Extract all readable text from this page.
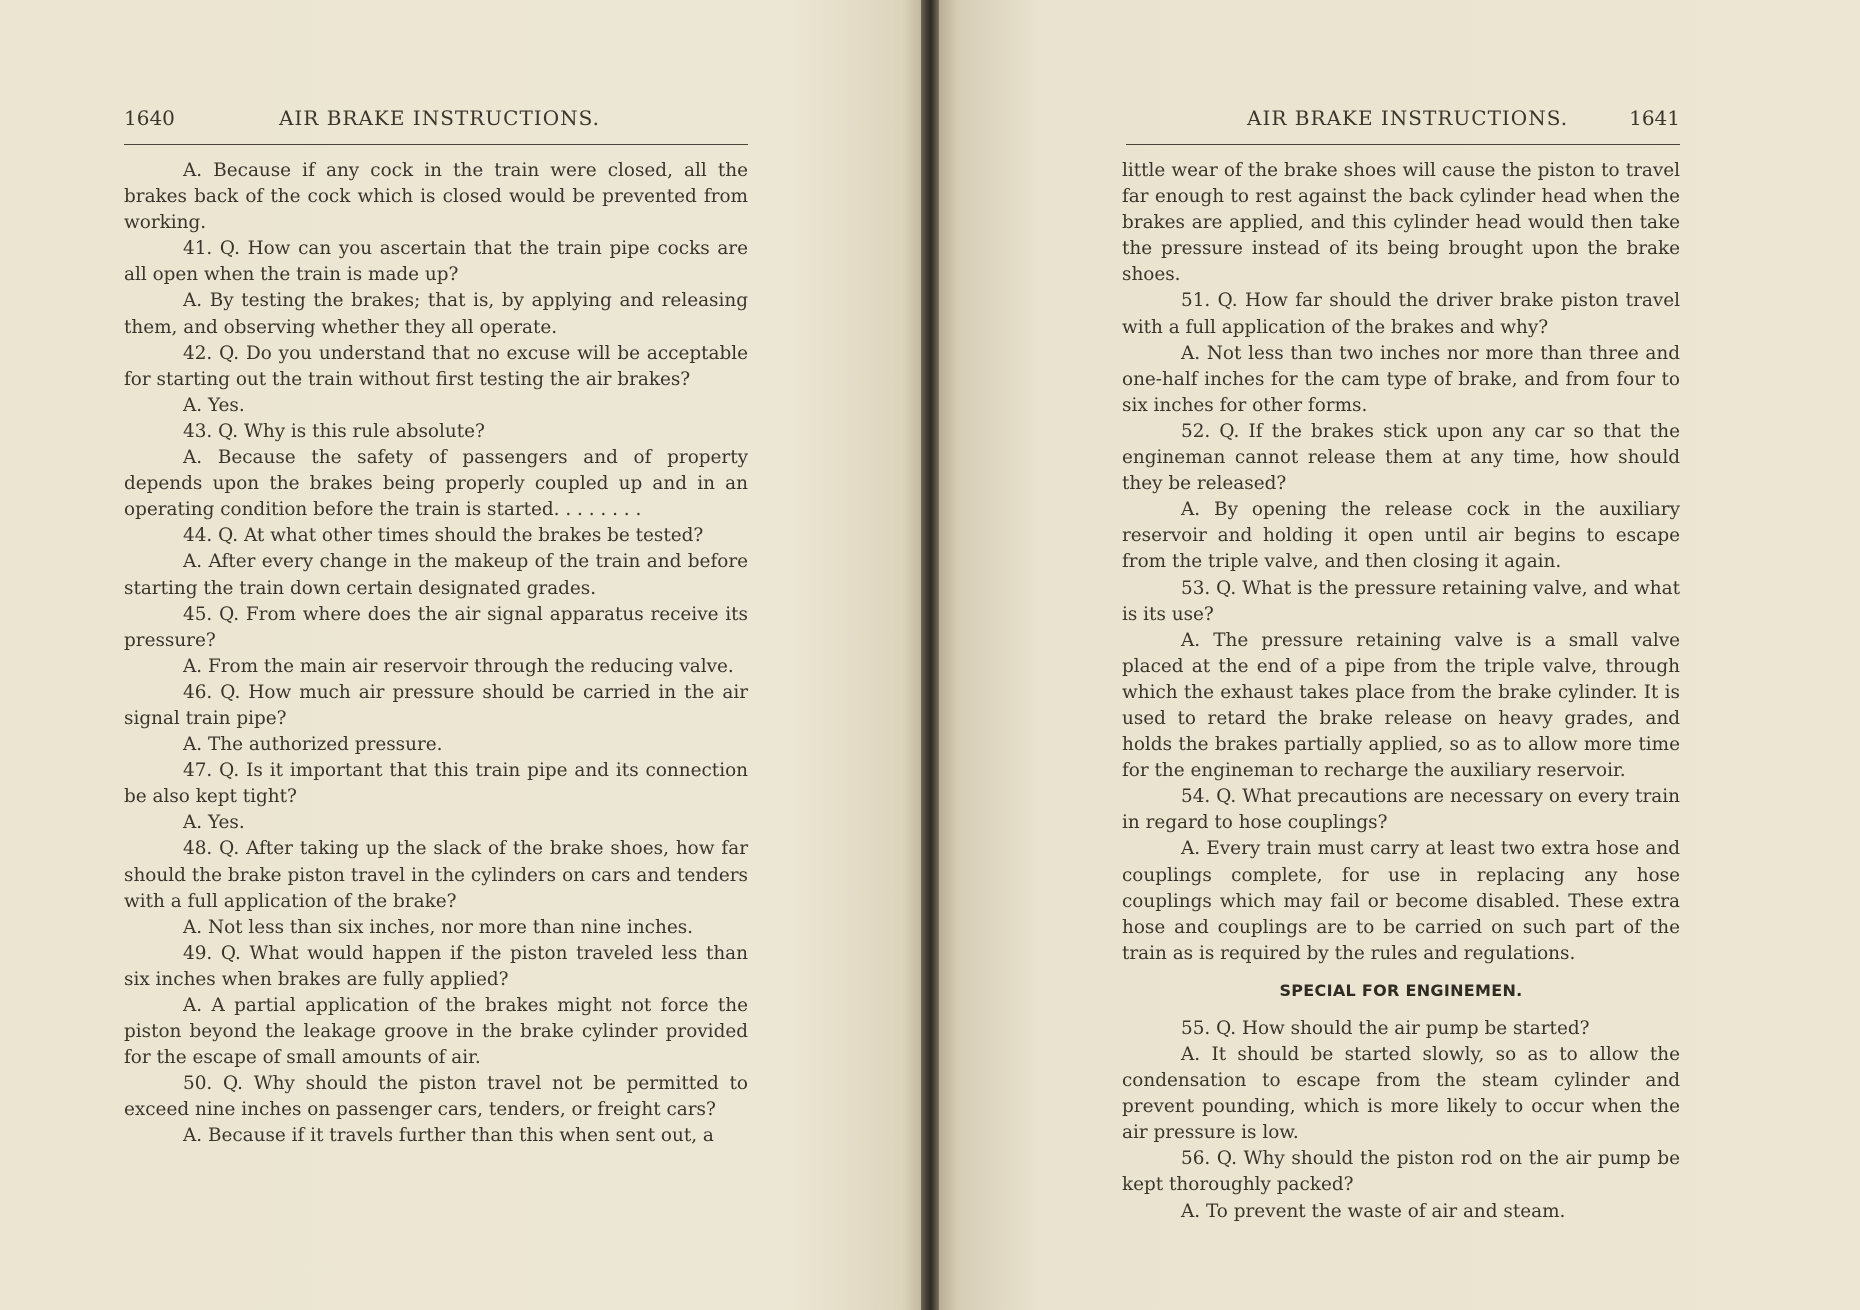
1640	AIR BRAKE INSTRUCTIONS.

A. Because if any cock in the train were closed, all the brakes back of the cock which is closed would be prevented from working.

41. Q. How can you ascertain that the train pipe cocks are all open when the train is made up?

A. By testing the brakes; that is, by applying and releasing them, and observing whether they all operate.

42. Q. Do you understand that no excuse will be acceptable for starting out the train without first testing the air brakes?

A. Yes.

43. Q. Why is this rule absolute?

A. Because the safety of passengers and of property depends upon the brakes being properly coupled up and in an operating condition before the train is started. . . . . . . .

44. Q. At what other times should the brakes be tested?

A. After every change in the makeup of the train and before starting the train down certain designated grades.

45. Q. From where does the air signal apparatus receive its pressure?

A. From the main air reservoir through the reducing valve.

46. Q. How much air pressure should be carried in the air signal train pipe?

A. The authorized pressure.

47. Q. Is it important that this train pipe and its connection be also kept tight?

A. Yes.

48. Q. After taking up the slack of the brake shoes, how far should the brake piston travel in the cylinders on cars and tenders with a full application of the brake?

A. Not less than six inches, nor more than nine inches.

49. Q. What would happen if the piston traveled less than six inches when brakes are fully applied?

A. A partial application of the brakes might not force the piston beyond the leakage groove in the brake cylinder provided for the escape of small amounts of air.

50. Q. Why should the piston travel not be permitted to exceed nine inches on passenger cars, tenders, or freight cars?

A. Because if it travels further than this when sent out, a

AIR BRAKE INSTRUCTIONS.	1641

little wear of the brake shoes will cause the piston to travel far enough to rest against the back cylinder head when the brakes are applied, and this cylinder head would then take the pressure instead of its being brought upon the brake shoes.

51. Q. How far should the driver brake piston travel with a full application of the brakes and why?

A. Not less than two inches nor more than three and one-half inches for the cam type of brake, and from four to six inches for other forms.

52. Q. If the brakes stick upon any car so that the engineman cannot release them at any time, how should they be released?

A. By opening the release cock in the auxiliary reservoir and holding it open until air begins to escape from the triple valve, and then closing it again.

53. Q. What is the pressure retaining valve, and what is its use?

A. The pressure retaining valve is a small valve placed at the end of a pipe from the triple valve, through which the exhaust takes place from the brake cylinder. It is used to retard the brake release on heavy grades, and holds the brakes partially applied, so as to allow more time for the engineman to recharge the auxiliary reservoir.

54. Q. What precautions are necessary on every train in regard to hose couplings?

A. Every train must carry at least two extra hose and couplings complete, for use in replacing any hose couplings which may fail or become disabled. These extra hose and couplings are to be carried on such part of the train as is required by the rules and regulations.

SPECIAL FOR ENGINEMEN.

55. Q. How should the air pump be started?

A. It should be started slowly, so as to allow the condensation to escape from the steam cylinder and prevent pounding, which is more likely to occur when the air pressure is low.

56. Q. Why should the piston rod on the air pump be kept thoroughly packed?

A. To prevent the waste of air and steam.
